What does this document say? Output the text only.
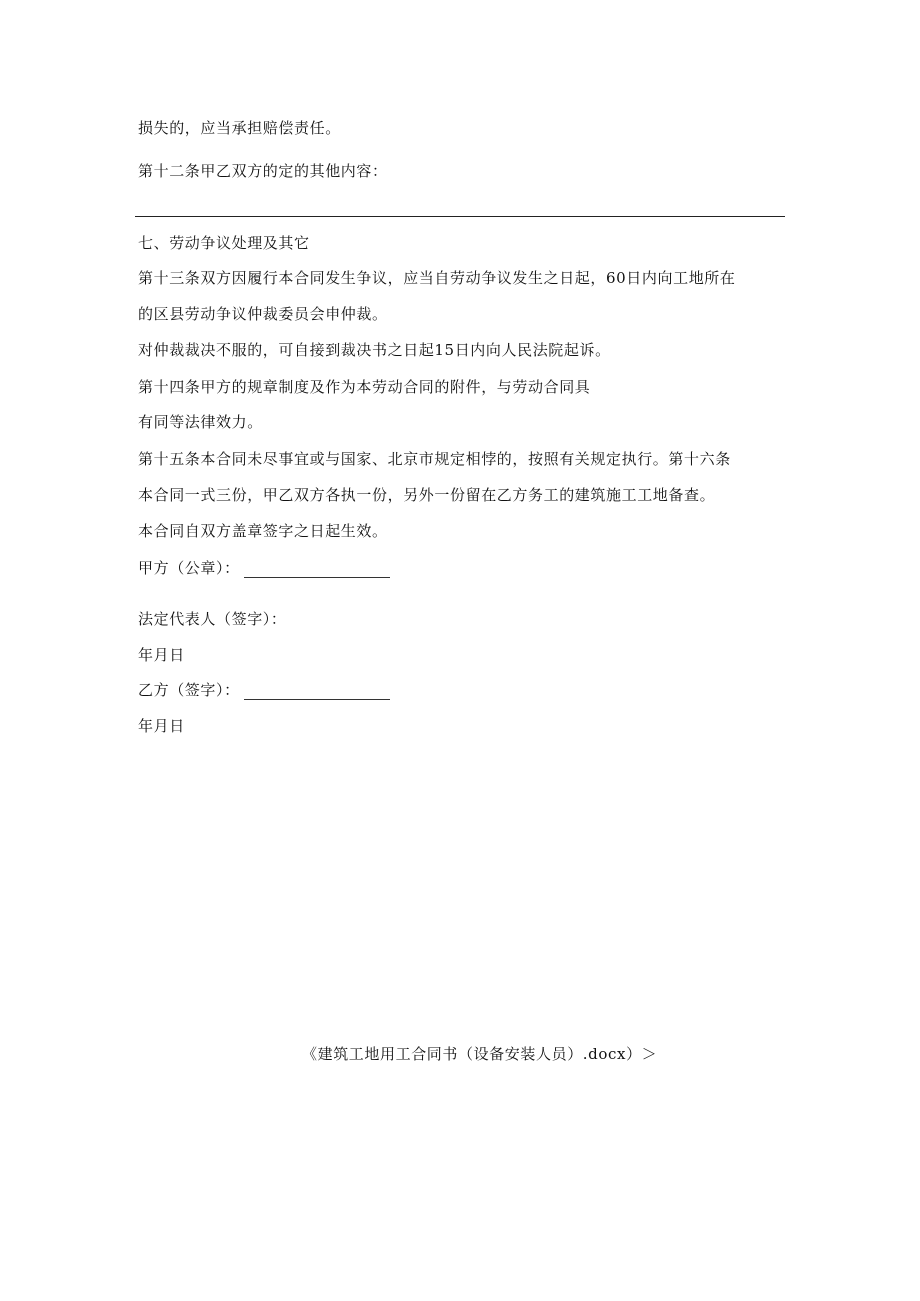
损失的，应当承担赔偿责任。
第十二条甲乙双方的定的其他内容：
七、劳动争议处理及其它
第十三条双方因履行本合同发生争议，应当自劳动争议发生之日起，60日内向工地所在
的区县劳动争议仲裁委员会申仲裁。
对仲裁裁决不服的，可自接到裁决书之日起15日内向人民法院起诉。
第十四条甲方的规章制度及作为本劳动合同的附件，与劳动合同具
有同等法律效力。
第十五条本合同未尽事宜或与国家、北京市规定相悖的，按照有关规定执行。第十六条
本合同一式三份，甲乙双方各执一份，另外一份留在乙方务工的建筑施工工地备查。
本合同自双方盖章签字之日起生效。
甲方（公章）：
法定代表人（签字）：
年月日
乙方（签字）：
年月日
《建筑工地用工合同书（设备安装人员）.docx）＞
